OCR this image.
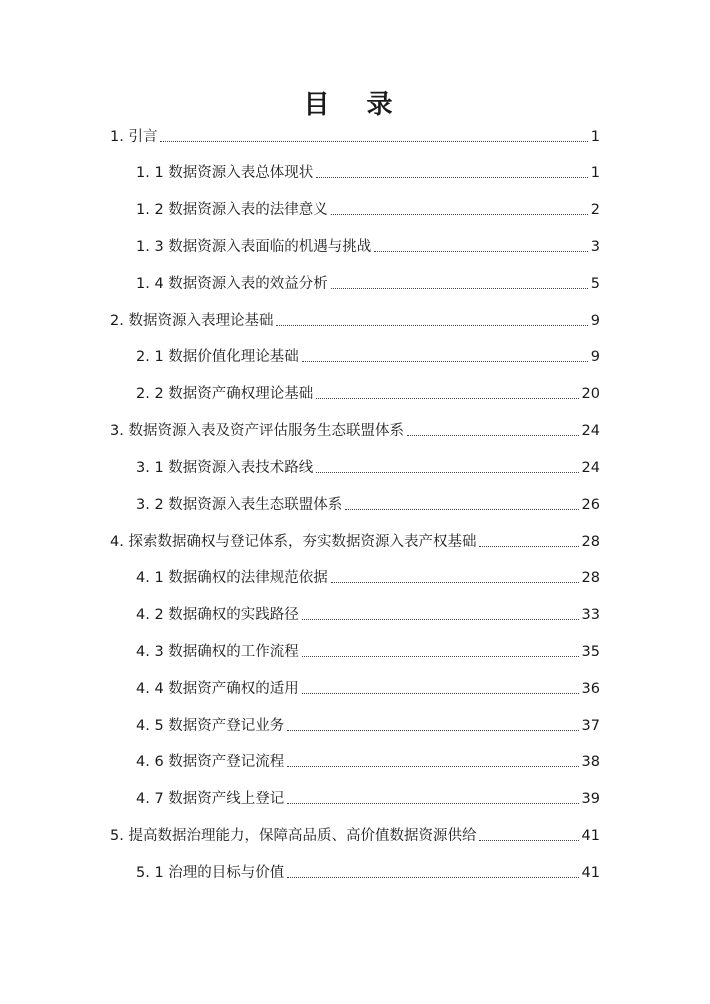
目 录
1. 引言	1
1. 1 数据资源入表总体现状	1
1. 2 数据资源入表的法律意义	2
1. 3 数据资源入表面临的机遇与挑战	3
1. 4 数据资源入表的效益分析	5
2. 数据资源入表理论基础	9
2. 1 数据价值化理论基础	9
2. 2 数据资产确权理论基础	20
3. 数据资源入表及资产评估服务生态联盟体系	24
3. 1 数据资源入表技术路线	24
3. 2 数据资源入表生态联盟体系	26
4. 探索数据确权与登记体系，夯实数据资源入表产权基础	28
4. 1 数据确权的法律规范依据	28
4. 2 数据确权的实践路径	33
4. 3 数据确权的工作流程	35
4. 4 数据资产确权的适用	36
4. 5 数据资产登记业务	37
4. 6 数据资产登记流程	38
4. 7 数据资产线上登记	39
5. 提高数据治理能力，保障高品质、高价值数据资源供给	41
5. 1 治理的目标与价值	41
